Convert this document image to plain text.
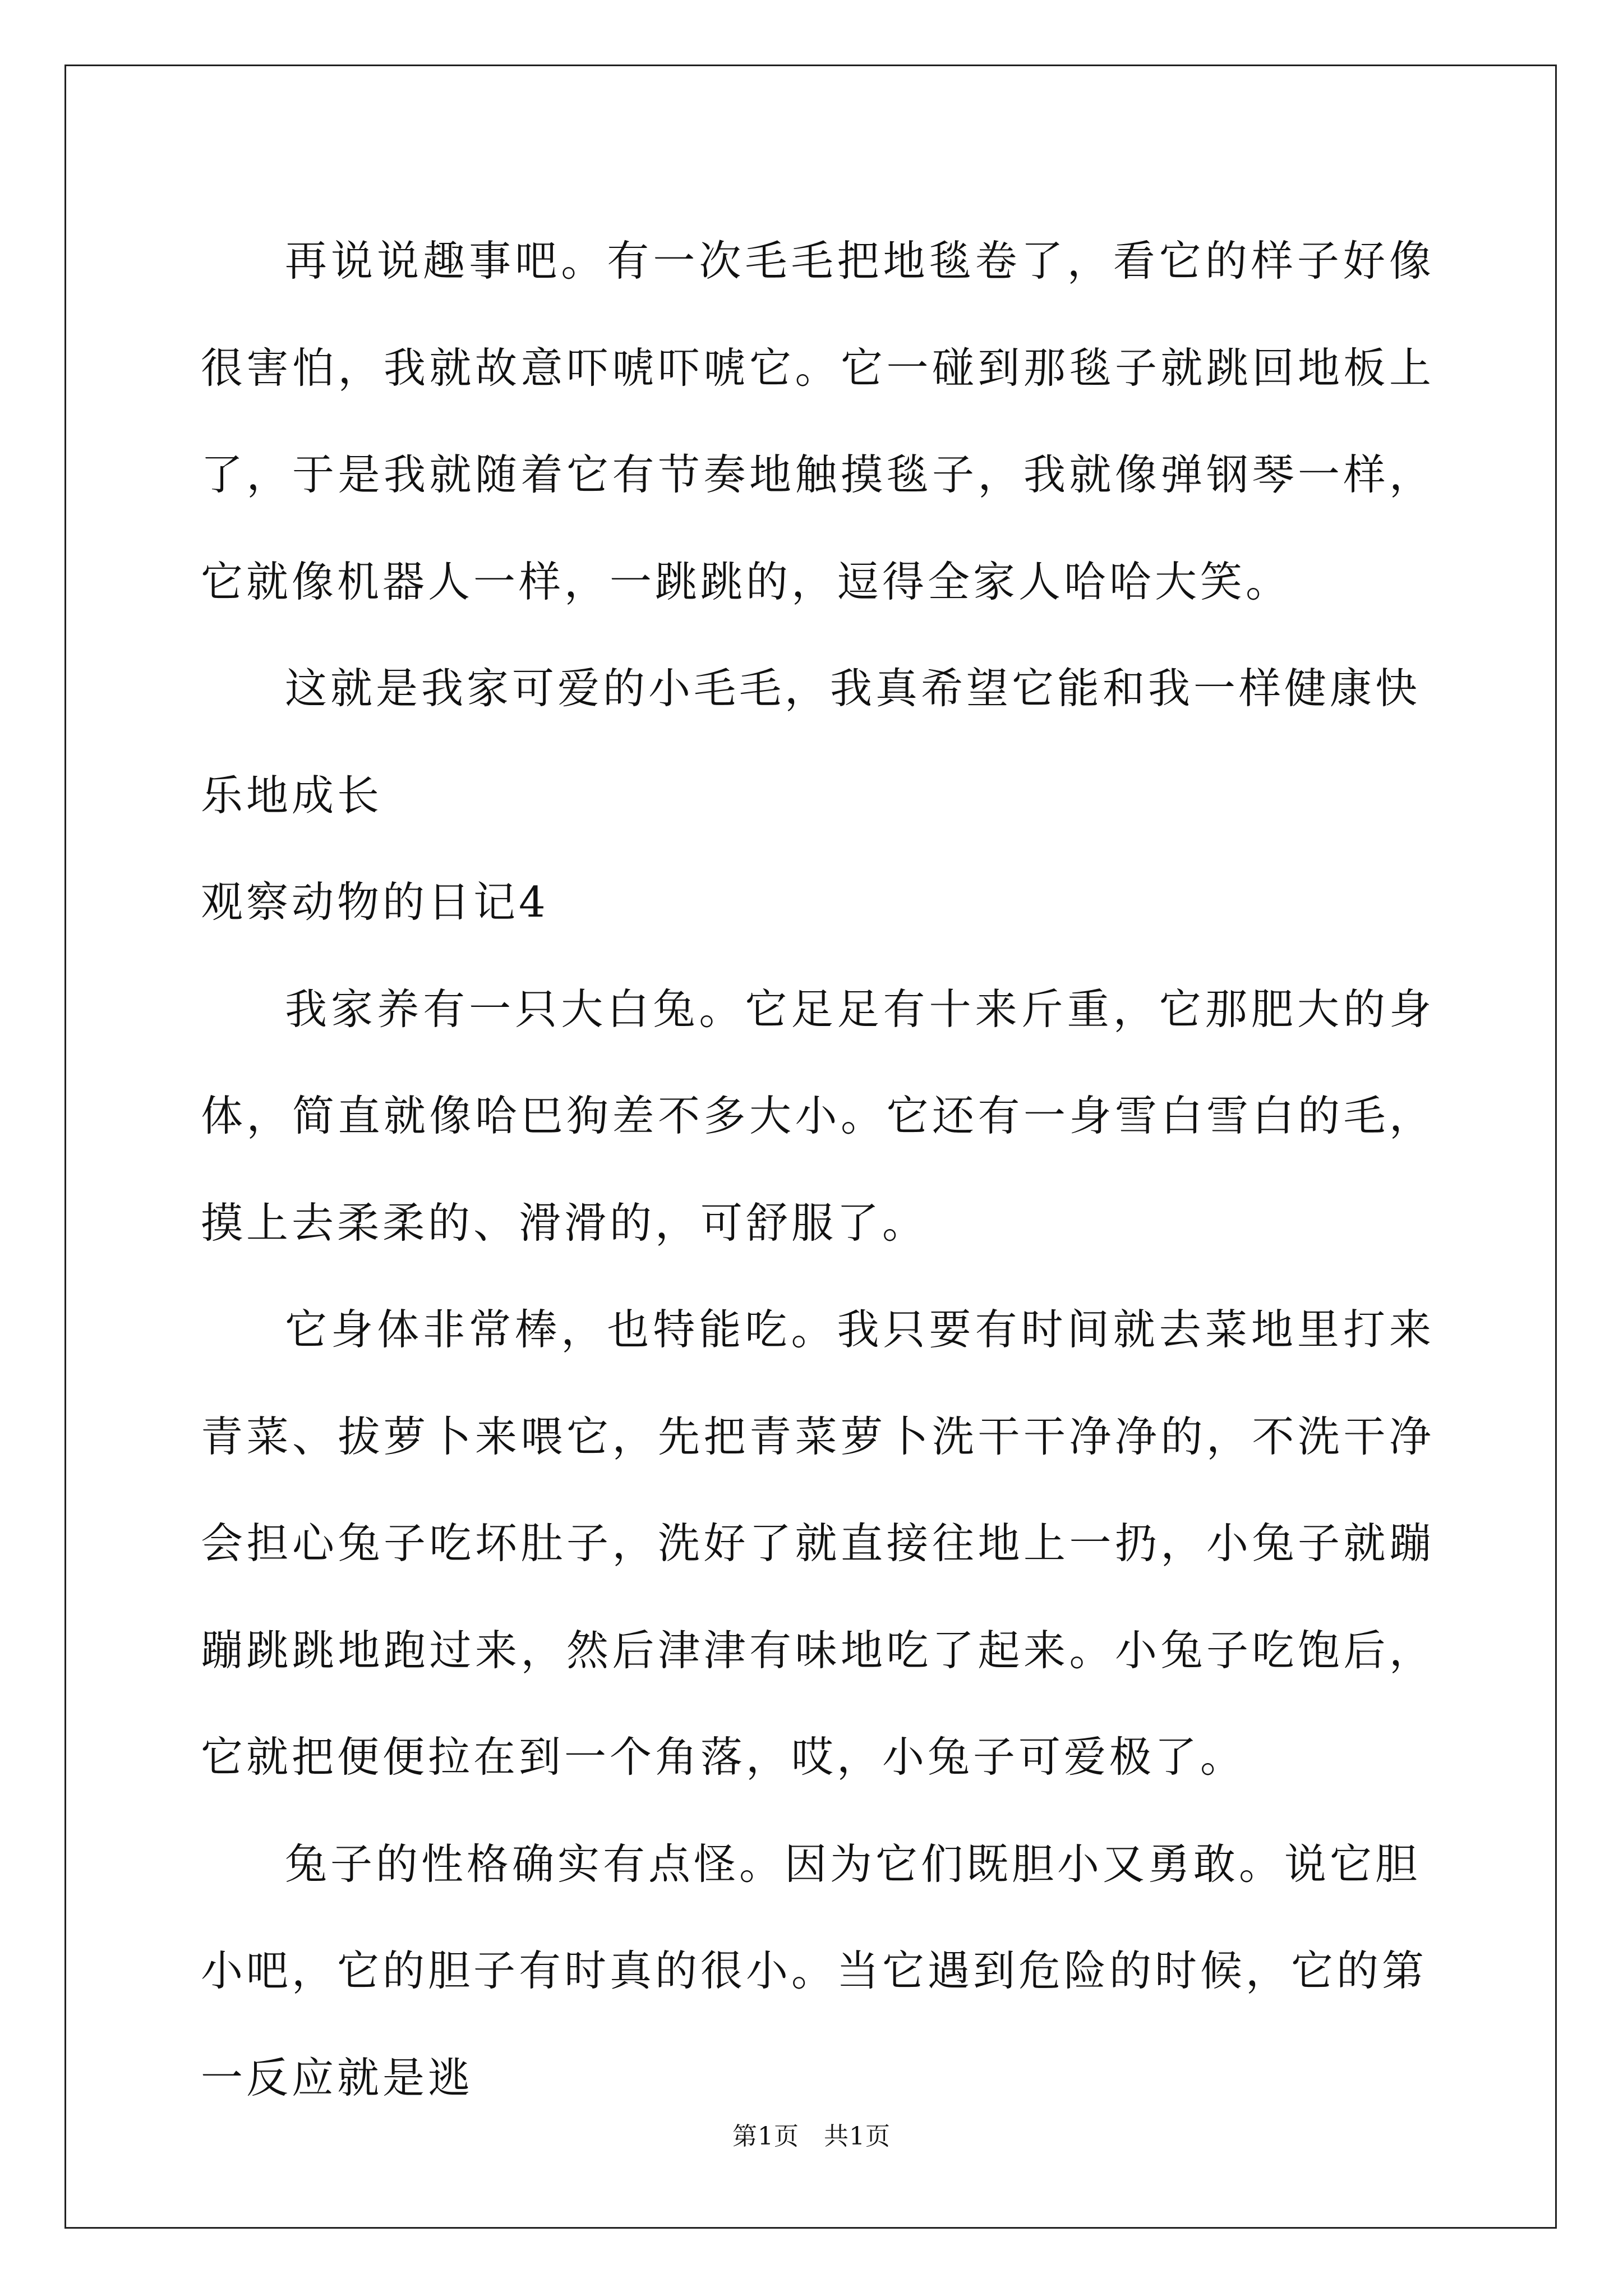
再说说趣事吧。有一次毛毛把地毯卷了，看它的样子好像很害怕，我就故意吓唬吓唬它。它一碰到那毯子就跳回地板上了，于是我就随着它有节奏地触摸毯子，我就像弹钢琴一样，它就像机器人一样，一跳跳的，逗得全家人哈哈大笑。

这就是我家可爱的小毛毛，我真希望它能和我一样健康快乐地成长

观察动物的日记4

我家养有一只大白兔。它足足有十来斤重，它那肥大的身体，简直就像哈巴狗差不多大小。它还有一身雪白雪白的毛，摸上去柔柔的、滑滑的，可舒服了。

它身体非常棒，也特能吃。我只要有时间就去菜地里打来青菜、拔萝卜来喂它，先把青菜萝卜洗干干净净的，不洗干净会担心兔子吃坏肚子，洗好了就直接往地上一扔，小兔子就蹦蹦跳跳地跑过来，然后津津有味地吃了起来。小兔子吃饱后，它就把便便拉在到一个角落，哎，小兔子可爱极了。

兔子的性格确实有点怪。因为它们既胆小又勇敢。说它胆小吧，它的胆子有时真的很小。当它遇到危险的时候，它的第一反应就是逃

第1页 共1页
